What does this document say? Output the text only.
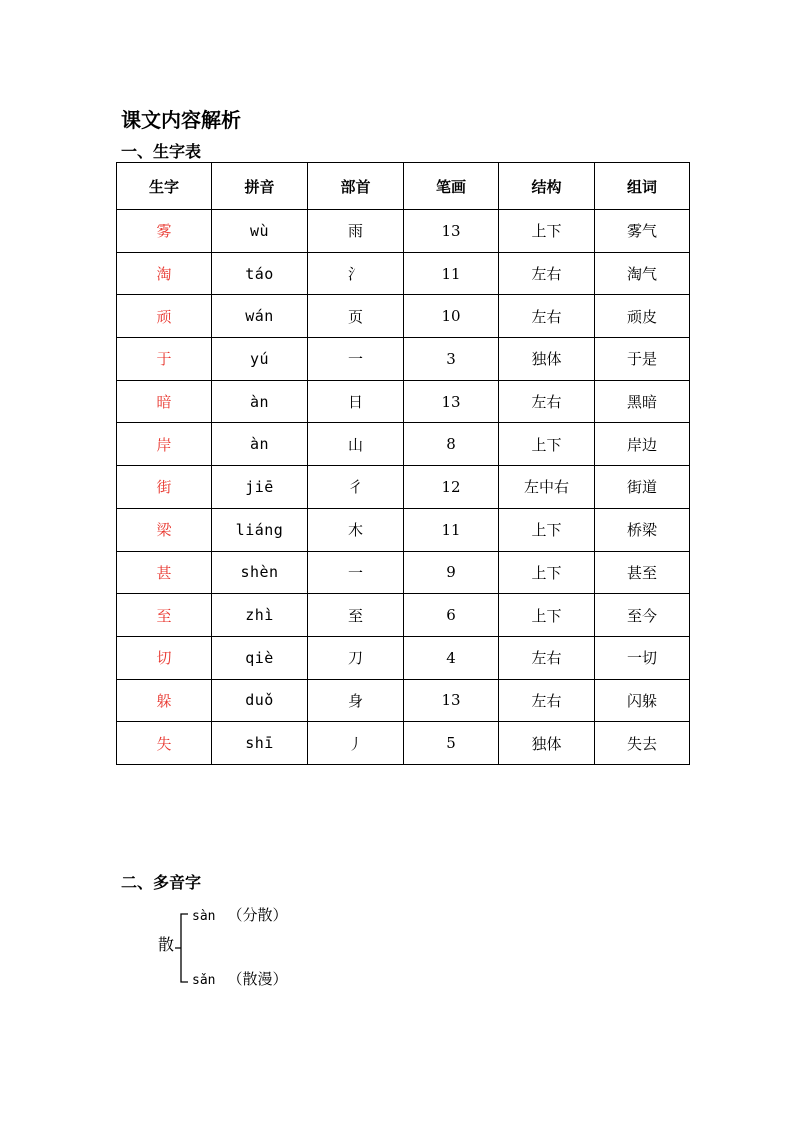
课文内容解析
一、生字表
生字	拼音	部首	笔画	结构	组词
雾	wù	雨	13	上下	雾气
淘	táo	氵	11	左右	淘气
顽	wán	页	10	左右	顽皮
于	yú	一	3	独体	于是
暗	àn	日	13	左右	黑暗
岸	àn	山	8	上下	岸边
街	jiē	彳	12	左中右	街道
梁	liáng	木	11	上下	桥梁
甚	shèn	一	9	上下	甚至
至	zhì	至	6	上下	至今
切	qiè	刀	4	左右	一切
躲	duǒ	身	13	左右	闪躲
失	shī	丿	5	独体	失去
二、多音字
散
sàn （分散）
sǎn （散漫）
